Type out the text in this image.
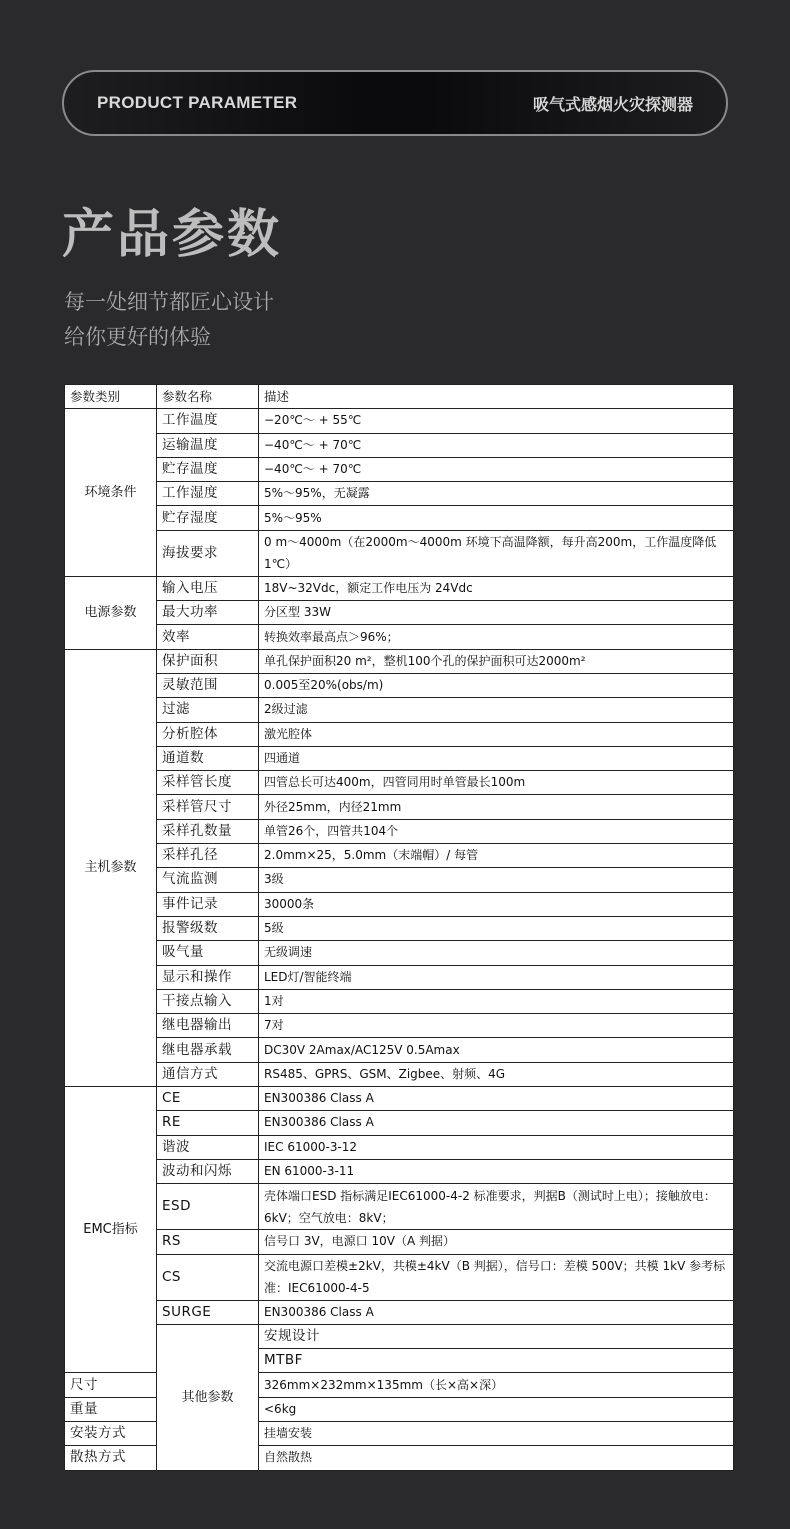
PRODUCT PARAMETER	吸气式感烟火灾探测器
产品参数
每一处细节都匠心设计
给你更好的体验
参数类别	参数名称	描述	
环境条件	工作温度	−20℃～ + 55℃	
	运输温度	−40℃～ + 70℃	
	贮存温度	−40℃～ + 70℃	
	工作湿度	5%～95%，无凝露	
	贮存湿度	5%～95%	
	海拔要求	0 m～4000m（在2000m～4000m 环境下高温降额，每升高200m，工作温度降低1℃）	
电源参数	输入电压	18V~32Vdc，额定工作电压为 24Vdc	
	最大功率	分区型 33W	
	效率	转换效率最高点＞96%；	
主机参数	保护面积	单孔保护面积20 m²，整机100个孔的保护面积可达2000m²	
	灵敏范围	0.005至20%(obs/m)	
	过滤	2级过滤	
	分析腔体	激光腔体	
	通道数	四通道	
	采样管长度	四管总长可达400m，四管同用时单管最长100m	
	采样管尺寸	外径25mm，内径21mm	
	采样孔数量	单管26个，四管共104个	
	采样孔径	2.0mm×25，5.0mm（末端帽）/ 每管	
	气流监测	3级	
	事件记录	30000条	
	报警级数	5级	
	吸气量	无级调速	
	显示和操作	LED灯/智能终端	
	干接点输入	1对	
	继电器输出	7对	
	继电器承载	DC30V 2Amax/AC125V 0.5Amax	
	通信方式	RS485、GPRS、GSM、Zigbee、射频、4G	
EMC指标	CE	EN300386 Class A	
	RE	EN300386 Class A	
	谐波	IEC 61000-3-12	
	波动和闪烁	EN 61000-3-11	
	ESD	壳体端口ESD 指标满足IEC61000-4-2 标准要求，判据B（测试时上电）；接触放电：6kV；空气放电：8kV；	
	RS	信号口 3V，电源口 10V（A 判据）	
	CS	交流电源口差模±2kV，共模±4kV（B 判据），信号口：差模 500V；共模 1kV 参考标准：IEC61000-4-5	
	SURGE	EN300386 Class A	
	其他参数	安规设计	
		MTBF	
尺寸		326mm×232mm×135mm（长×高×深）	
重量		<6kg	
安装方式		挂墙安装	
散热方式		自然散热	
